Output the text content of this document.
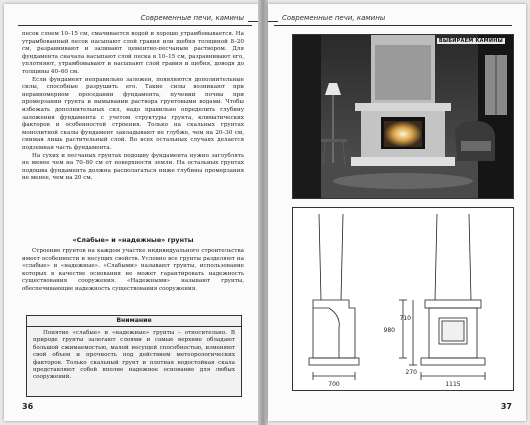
Современные печи, камины

песок слоем 10–15 см, смачивается водой и хорошо утрамбовывается. На утрамбованный песок насыпают слой гравия или щебня толщиной 8–20 см, разравнивают и заливают цементно-песчаным раствором. Для фундамента сначала насыпают слой песка в 10–15 см, разравнивают его, уплотняют, утрамбовывают и насыпают слой гравия и щебня, доводя до толщины 40–60 см.

Если фундамент неправильно заложен, появляются дополнительные силы, способные разрушить его. Такие силы возникают при неравномерном проседании фундамента, пучении почвы при промерзании грунта и вымывании раствора грунтовыми водами. Чтобы избежать дополнительных сил, надо правильно определить глубину заложения фундамента с учетом структуры грунта, климатических факторов и особенностей строения. Только на скальных грунтах монолитной скалы фундамент закладывают не глубже, чем на 20–30 см, снимая лишь растительный слой. Во всех остальных случаях делается подземная часть фундамента.

На сухих и песчаных грунтах подошву фундамента нужно заглублять не менее чем на 70–80 см от поверхности земли. На остальных грунтах подошва фундамента должна располагаться ниже глубины промерзания не менее, чем на 20 см.

«Слабые» и «надежные» грунты

Строение грунтов на каждом участке индивидуального строительства имеет особенности и несущих свойств. Условно все грунты разделяют на «слабые» и «надежные». «Слабыми» называют грунты, использование которых в качестве основания не может гарантировать надежность существования сооружения. «Надежными» называют грунты, обеспечивающие надежность существования сооружения.

Внимание

Понятие «слабые» и «надежные» грунты – относительно. В природе грунты залегают слоями и самые верхние обладают большой сжимаемостью, малой несущей способностью, изменяют свой объем и прочность под действием метеорологических факторов. Только скальный грунт и плотная водостойкая скала представляют собой вполне надежное основание для любых сооружений.

36
Современные печи, камины
ВЫБИРАЕМ КАМИНЫ
980
710
270
700	1115
37
